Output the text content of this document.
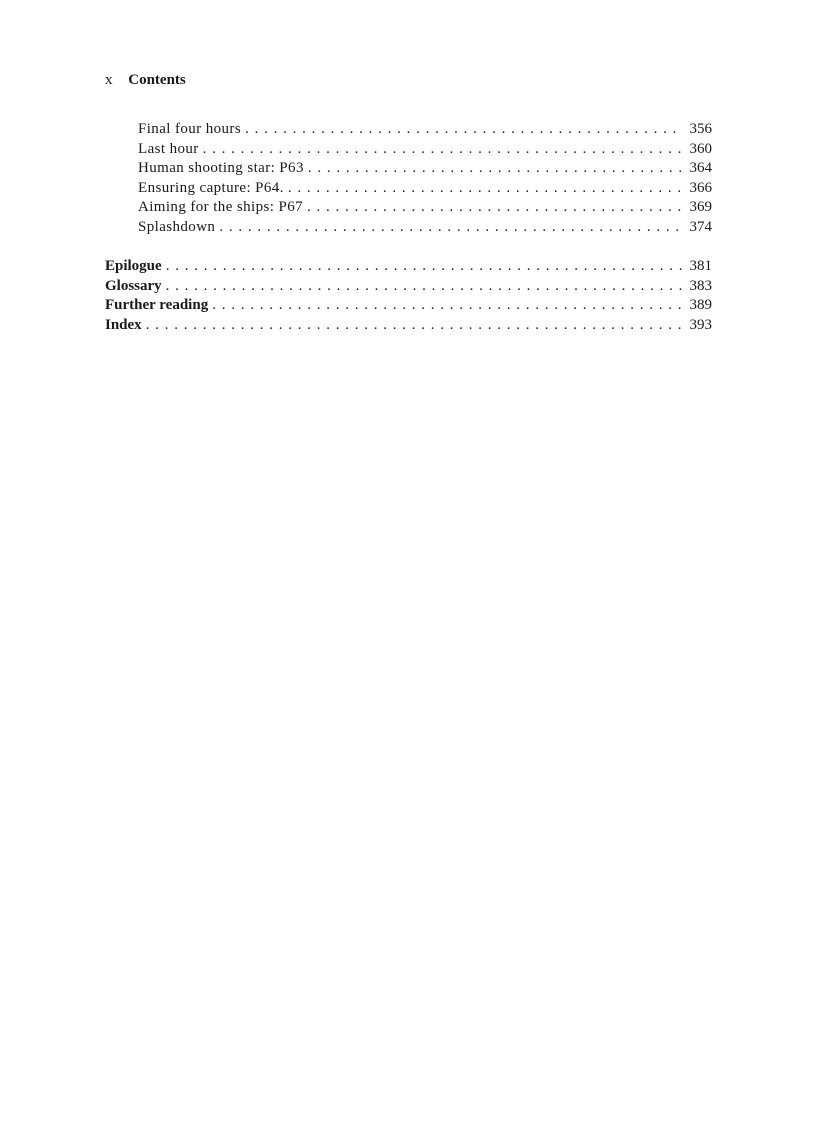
x Contents
Final four hours . . .	356
Last hour . . .	360
Human shooting star: P63 . . .	364
Ensuring capture: P64. . . .	366
Aiming for the ships: P67 . . .	369
Splashdown . . .	374
Epilogue . . .	381
Glossary . . .	383
Further reading . . .	389
Index . . .	393
